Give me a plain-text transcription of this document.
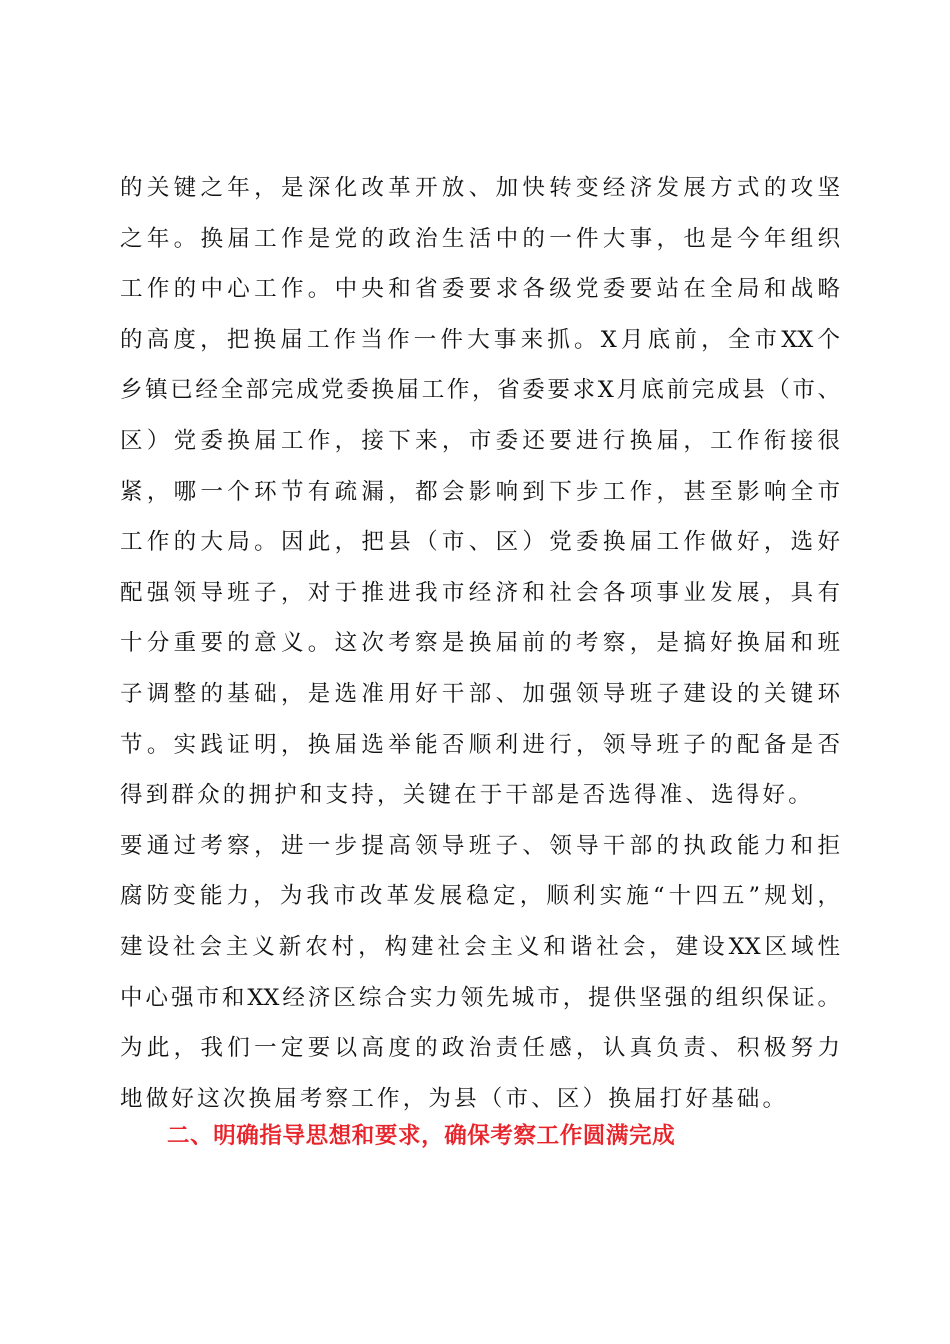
的关键之年，是深化改革开放、加快转变经济发展方式的攻坚
之年。换届工作是党的政治生活中的一件大事，也是今年组织
工作的中心工作。中央和省委要求各级党委要站在全局和战略
的高度，把换届工作当作一件大事来抓。X月底前，全市XX个
乡镇已经全部完成党委换届工作，省委要求X月底前完成县（市、
区）党委换届工作，接下来，市委还要进行换届，工作衔接很
紧，哪一个环节有疏漏，都会影响到下步工作，甚至影响全市
工作的大局。因此，把县（市、区）党委换届工作做好，选好
配强领导班子，对于推进我市经济和社会各项事业发展，具有
十分重要的意义。这次考察是换届前的考察，是搞好换届和班
子调整的基础，是选准用好干部、加强领导班子建设的关键环
节。实践证明，换届选举能否顺利进行，领导班子的配备是否
得到群众的拥护和支持，关键在于干部是否选得准、选得好。
要通过考察，进一步提高领导班子、领导干部的执政能力和拒
腐防变能力，为我市改革发展稳定，顺利实施“十四五”规划，
建设社会主义新农村，构建社会主义和谐社会，建设XX区域性
中心强市和XX经济区综合实力领先城市，提供坚强的组织保证。
为此，我们一定要以高度的政治责任感，认真负责、积极努力
地做好这次换届考察工作，为县（市、区）换届打好基础。
二、明确指导思想和要求，确保考察工作圆满完成
